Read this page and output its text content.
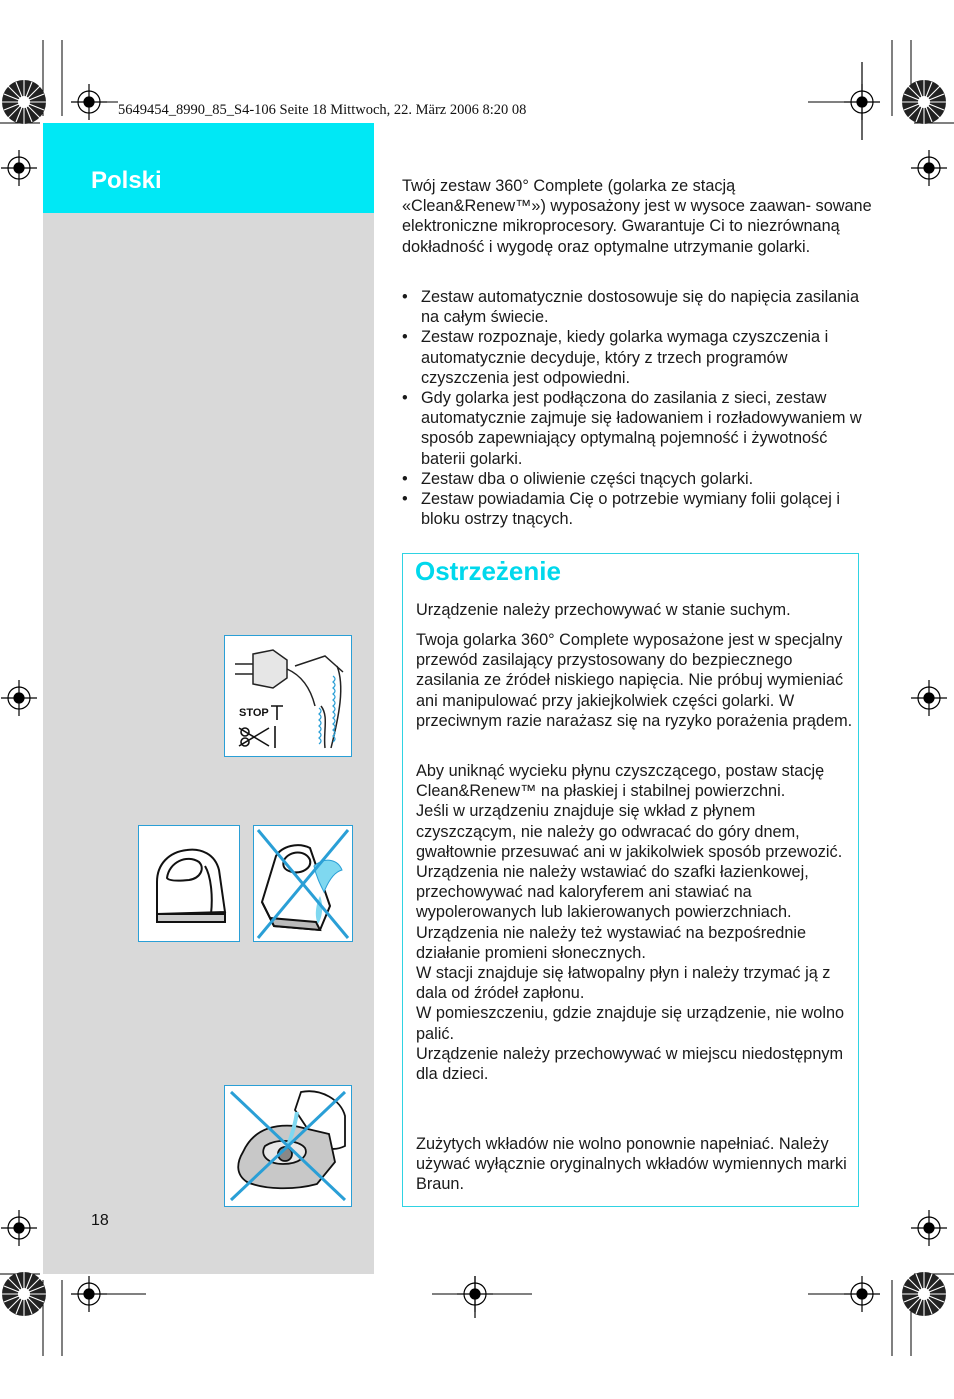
5649454_8990_85_S4-106 Seite 18 Mittwoch, 22. März 2006 8:20 08
Polski	Twój zestaw 360° Complete (golarka ze stacją «Clean&Renew™») wyposażony jest w wysoce zaawan- sowane elektroniczne mikroprocesory. Gwarantuje Ci to niezrównaną dokładność i wygodę oraz optymalne utrzymanie golarki.

• Zestaw automatycznie dostosowuje się do napięcia zasilania na całym świecie.
• Zestaw rozpoznaje, kiedy golarka wymaga czyszczenia i automatycznie decyduje, który z trzech programów czyszczenia jest odpowiedni.
• Gdy golarka jest podłączona do zasilania z sieci, zestaw automatycznie zajmuje się ładowaniem i rozładowywaniem w sposób zapewniający optymalną pojemność i żywotność baterii golarki.
• Zestaw dba o oliwienie części tnących golarki.
• Zestaw powiadamia Cię o potrzebie wymiany folii golącej i bloku ostrzy tnących.
Ostrzeżenie

Urządzenie należy przechowywać w stanie suchym.

Twoja golarka 360° Complete wyposażone jest w specjalny przewód zasilający przystosowany do bezpiecznego zasilania ze źródeł niskiego napięcia. Nie próbuj wymieniać ani manipulować przy jakiejkolwiek części golarki. W przeciwnym razie narażasz się na ryzyko porażenia prądem.

Aby uniknąć wycieku płynu czyszczącego, postaw stację Clean&Renew™ na płaskiej i stabilnej powierzchni.
Jeśli w urządzeniu znajduje się wkład z płynem czyszczącym, nie należy go odwracać do góry dnem, gwałtownie przesuwać ani w jakikolwiek sposób przewozić.
Urządzenia nie należy wstawiać do szafki łazienkowej, przechowywać nad kaloryferem ani stawiać na wypolerowanych lub lakierowanych powierzchniach. Urządzenia nie należy też wystawiać na bezpośrednie działanie promieni słonecznych.
W stacji znajduje się łatwopalny płyn i należy trzymać ją z dala od źródeł zapłonu.
W pomieszczeniu, gdzie znajduje się urządzenie, nie wolno palić.
Urządzenie należy przechowywać w miejscu niedostępnym dla dzieci.

Zużytych wkładów nie wolno ponownie napełniać. Należy używać wyłącznie oryginalnych wkładów wymiennych marki Braun.

STOP
18
